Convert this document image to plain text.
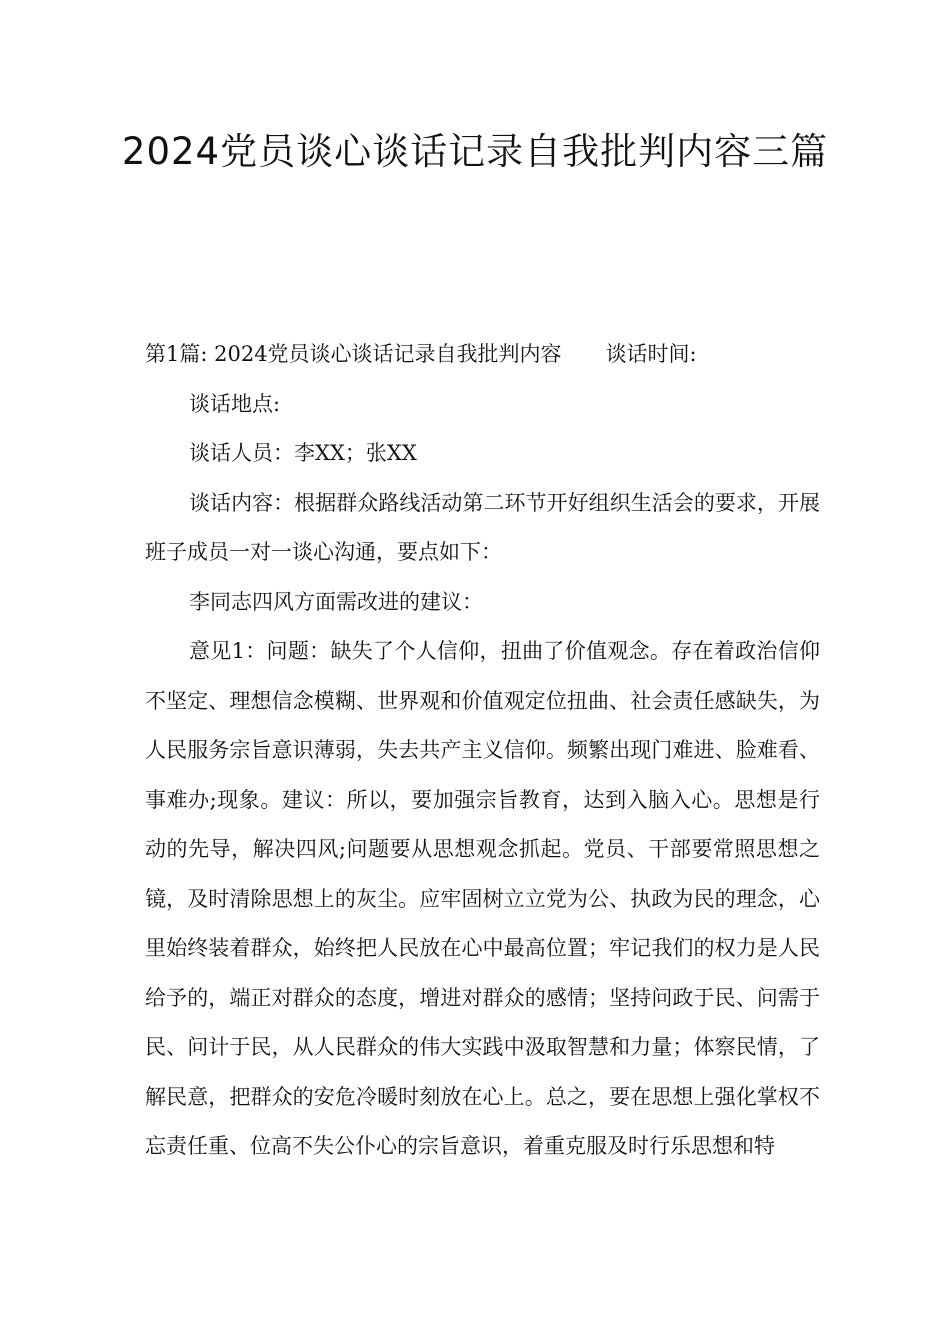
2024党员谈心谈话记录自我批判内容三篇

第1篇: 2024党员谈心谈话记录自我批判内容 谈话时间:

谈话地点:

谈话人员：李XX；张XX

谈话内容：根据群众路线活动第二环节开好组织生活会的要求，开展班子成员一对一谈心沟通，要点如下：

李同志四风方面需改进的建议：

意见1：问题：缺失了个人信仰，扭曲了价值观念。存在着政治信仰不坚定、理想信念模糊、世界观和价值观定位扭曲、社会责任感缺失，为人民服务宗旨意识薄弱，失去共产主义信仰。频繁出现门难进、脸难看、事难办;现象。建议：所以，要加强宗旨教育，达到入脑入心。思想是行动的先导，解决四风;问题要从思想观念抓起。党员、干部要常照思想之镜，及时清除思想上的灰尘。应牢固树立立党为公、执政为民的理念，心里始终装着群众，始终把人民放在心中最高位置；牢记我们的权力是人民给予的，端正对群众的态度，增进对群众的感情；坚持问政于民、问需于民、问计于民，从人民群众的伟大实践中汲取智慧和力量；体察民情，了解民意，把群众的安危冷暖时刻放在心上。总之，要在思想上强化掌权不忘责任重、位高不失公仆心的宗旨意识，着重克服及时行乐思想和特
